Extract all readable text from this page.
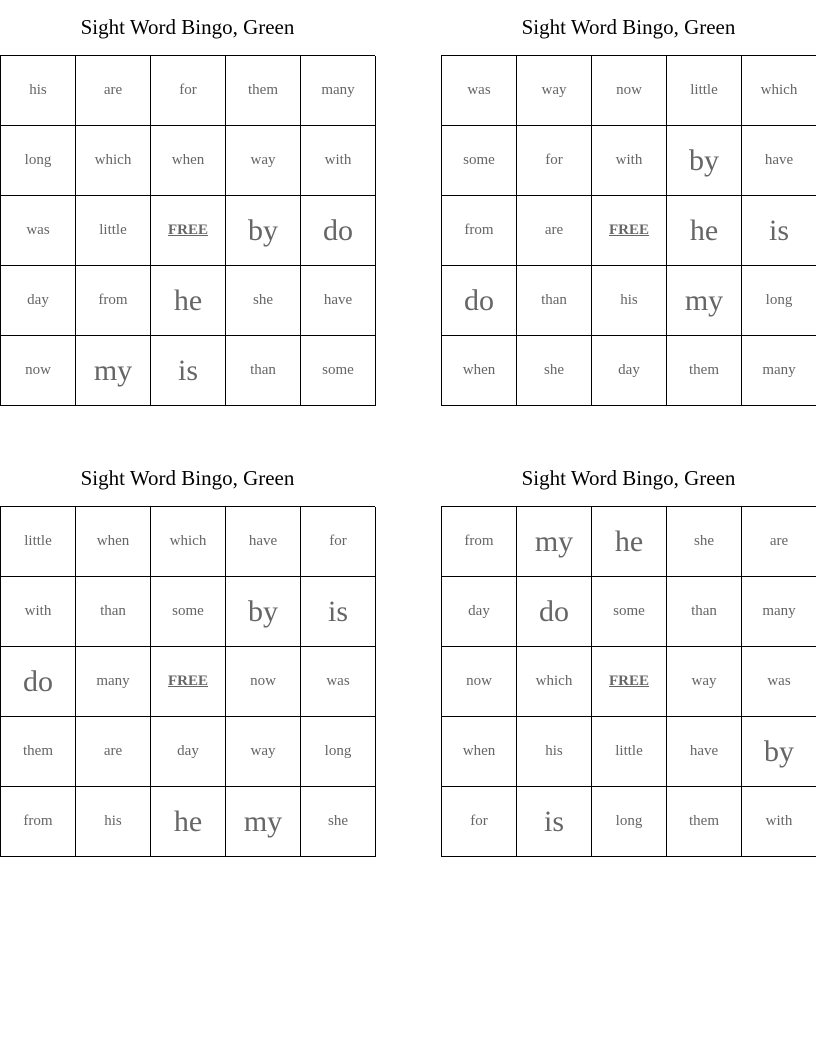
Sight Word Bingo, Green
his	are	for	them	many
long	which	when	way	with
was	little	FREE	by	do
day	from	he	she	have
now	my	is	than	some
Sight Word Bingo, Green
was	way	now	little	which
some	for	with	by	have
from	are	FREE	he	is
do	than	his	my	long
when	she	day	them	many
Sight Word Bingo, Green
little	when	which	have	for
with	than	some	by	is
do	many	FREE	now	was
them	are	day	way	long
from	his	he	my	she
Sight Word Bingo, Green
from	my	he	she	are
day	do	some	than	many
now	which	FREE	way	was
when	his	little	have	by
for	is	long	them	with
